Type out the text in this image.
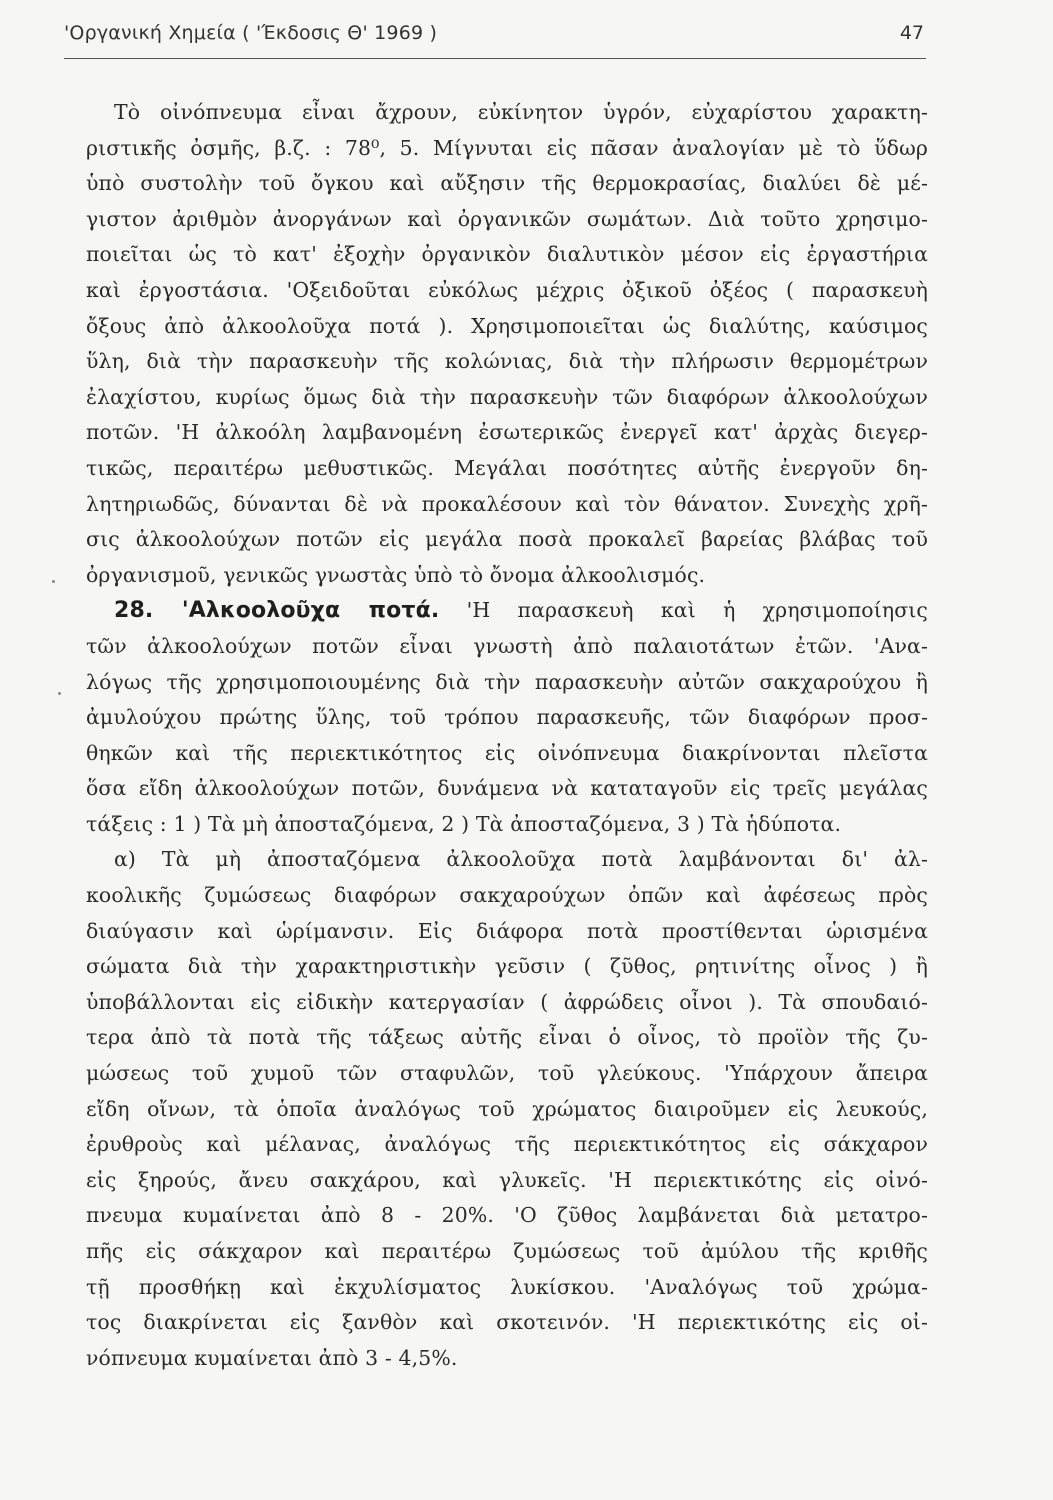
'Οργανική Χημεία ( 'Έκδοσις Θ' 1969 )	47
Τὸ οἰνόπνευμα εἶναι ἄχρουν, εὐκίνητον ὑγρόν, εὐχαρίστου χαρακτη-
ριστικῆς ὀσμῆς, β.ζ. : 78⁰, 5. Μίγνυται εἰς πᾶσαν ἀναλογίαν μὲ τὸ ὕδωρ
ὑπὸ συστολὴν τοῦ ὄγκου καὶ αὔξησιν τῆς θερμοκρασίας, διαλύει δὲ μέ-
γιστον ἀριθμὸν ἀνοργάνων καὶ ὀργανικῶν σωμάτων. Διὰ τοῦτο χρησιμο-
ποιεῖται ὡς τὸ κατ' ἐξοχὴν ὀργανικὸν διαλυτικὸν μέσον εἰς ἐργαστήρια
καὶ ἐργοστάσια. 'Οξειδοῦται εὐκόλως μέχρις ὀξικοῦ ὀξέος ( παρασκευὴ
ὄξους ἀπὸ ἀλκοολοῦχα ποτά ). Χρησιμοποιεῖται ὡς διαλύτης, καύσιμος
ὕλη, διὰ τὴν παρασκευὴν τῆς κολώνιας, διὰ τὴν πλήρωσιν θερμομέτρων
ἐλαχίστου, κυρίως ὅμως διὰ τὴν παρασκευὴν τῶν διαφόρων ἀλκοολούχων
ποτῶν. 'Η ἀλκοόλη λαμβανομένη ἐσωτερικῶς ἐνεργεῖ κατ' ἀρχὰς διεγερ-
τικῶς, περαιτέρω μεθυστικῶς. Μεγάλαι ποσότητες αὐτῆς ἐνεργοῦν δη-
λητηριωδῶς, δύνανται δὲ νὰ προκαλέσουν καὶ τὸν θάνατον. Συνεχὴς χρῆ-
σις ἀλκοολούχων ποτῶν εἰς μεγάλα ποσὰ προκαλεῖ βαρείας βλάβας τοῦ
ὀργανισμοῦ, γενικῶς γνωστὰς ὑπὸ τὸ ὄνομα ἀλκοολισμός.
28. 'Αλκοολοῦχα ποτά. 'Η παρασκευὴ καὶ ἡ χρησιμοποίησις
τῶν ἀλκοολούχων ποτῶν εἶναι γνωστὴ ἀπὸ παλαιοτάτων ἐτῶν. 'Ανα-
λόγως τῆς χρησιμοποιουμένης διὰ τὴν παρασκευὴν αὐτῶν σακχαρούχου ἢ
ἀμυλούχου πρώτης ὕλης, τοῦ τρόπου παρασκευῆς, τῶν διαφόρων προσ-
θηκῶν καὶ τῆς περιεκτικότητος εἰς οἰνόπνευμα διακρίνονται πλεῖστα
ὅσα εἴδη ἀλκοολούχων ποτῶν, δυνάμενα νὰ καταταγοῦν εἰς τρεῖς μεγάλας
τάξεις : 1 ) Τὰ μὴ ἀποσταζόμενα, 2 ) Τὰ ἀποσταζόμενα, 3 ) Τὰ ἡδύποτα.
α) Τὰ μὴ ἀποσταζόμενα ἀλκοολοῦχα ποτὰ λαμβάνονται δι' ἀλ-
κοολικῆς ζυμώσεως διαφόρων σακχαρούχων ὀπῶν καὶ ἀφέσεως πρὸς
διαύγασιν καὶ ὡρίμανσιν. Εἰς διάφορα ποτὰ προστίθενται ὡρισμένα
σώματα διὰ τὴν χαρακτηριστικὴν γεῦσιν ( ζῦθος, ρητινίτης οἶνος ) ἢ
ὑποβάλλονται εἰς εἰδικὴν κατεργασίαν ( ἀφρώδεις οἶνοι ). Τὰ σπουδαιό-
τερα ἀπὸ τὰ ποτὰ τῆς τάξεως αὐτῆς εἶναι ὁ οἶνος, τὸ προϊὸν τῆς ζυ-
μώσεως τοῦ χυμοῦ τῶν σταφυλῶν, τοῦ γλεύκους. 'Υπάρχουν ἄπειρα
εἴδη οἴνων, τὰ ὁποῖα ἀναλόγως τοῦ χρώματος διαιροῦμεν εἰς λευκούς,
ἐρυθροὺς καὶ μέλανας, ἀναλόγως τῆς περιεκτικότητος εἰς σάκχαρον
εἰς ξηρούς, ἄνευ σακχάρου, καὶ γλυκεῖς. 'Η περιεκτικότης εἰς οἰνό-
πνευμα κυμαίνεται ἀπὸ 8 - 20%. 'Ο ζῦθος λαμβάνεται διὰ μετατρο-
πῆς εἰς σάκχαρον καὶ περαιτέρω ζυμώσεως τοῦ ἀμύλου τῆς κριθῆς
τῇ προσθήκῃ καὶ ἐκχυλίσματος λυκίσκου. 'Αναλόγως τοῦ χρώμα-
τος διακρίνεται εἰς ξανθὸν καὶ σκοτεινόν. 'Η περιεκτικότης εἰς οἰ-
νόπνευμα κυμαίνεται ἀπὸ 3 - 4,5%.
